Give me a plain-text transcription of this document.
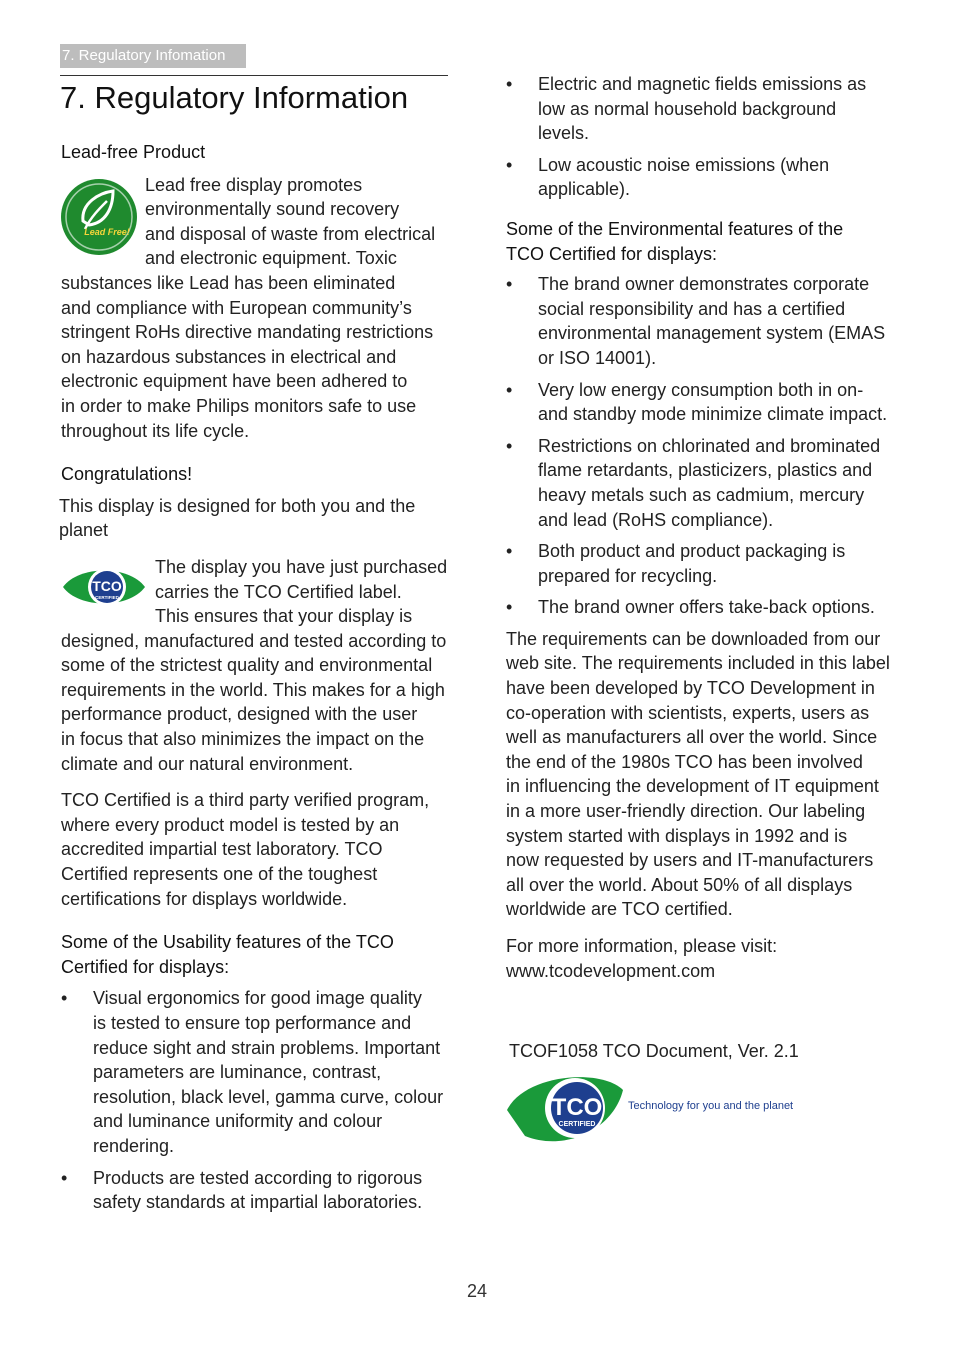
7. Regulatory Infomation
7. Regulatory Information

Lead-free Product

Lead Free!
Lead free display promotes
environmentally sound recovery
and disposal of waste from electrical
and electronic equipment. Toxic
substances like Lead has been eliminated
and compliance with European community’s
stringent RoHs directive mandating restrictions
on hazardous substances in electrical and
electronic equipment have been adhered to
in order to make Philips monitors safe to use
throughout its life cycle.

Congratulations!

This display is designed for both you and the
planet
TCO
CERTIFIED
The display you have just purchased
carries the TCO Certified label.
This ensures that your display is
designed, manufactured and tested according to
some of the strictest quality and environmental
requirements in the world. This makes for a high
performance product, designed with the user
in focus that also minimizes the impact on the
climate and our natural environment.
TCO Certified is a third party verified program,
where every product model is tested by an
accredited impartial test laboratory. TCO
Certified represents one of the toughest
certifications for displays worldwide.
Some of the Usability features of the TCO
Certified for displays:
• Visual ergonomics for good image quality
is tested to ensure top performance and
reduce sight and strain problems. Important
parameters are luminance, contrast,
resolution, black level, gamma curve, colour
and luminance uniformity and colour
rendering.
• Products are tested according to rigorous
safety standards at impartial laboratories.
• Electric and magnetic fields emissions as
low as normal household background
levels.
• Low acoustic noise emissions (when
applicable).
Some of the Environmental features of the
TCO Certified for displays:
• The brand owner demonstrates corporate
social responsibility and has a certified
environmental management system (EMAS
or ISO 14001).
• Very low energy consumption both in on-
and standby mode minimize climate impact.
• Restrictions on chlorinated and brominated
flame retardants, plasticizers, plastics and
heavy metals such as cadmium, mercury
and lead (RoHS compliance).
• Both product and product packaging is
prepared for recycling.
• The brand owner offers take-back options.
The requirements can be downloaded from our
web site. The requirements included in this label
have been developed by TCO Development in
co-operation with scientists, experts, users as
well as manufacturers all over the world. Since
the end of the 1980s TCO has been involved
in influencing the development of IT equipment
in a more user-friendly direction. Our labeling
system started with displays in 1992 and is
now requested by users and IT-manufacturers
all over the world. About 50% of all displays
worldwide are TCO certified.
For more information, please visit:
www.tcodevelopment.com
TCOF1058 TCO Document, Ver. 2.1
TCO
CERTIFIED
Technology for you and the planet
24
